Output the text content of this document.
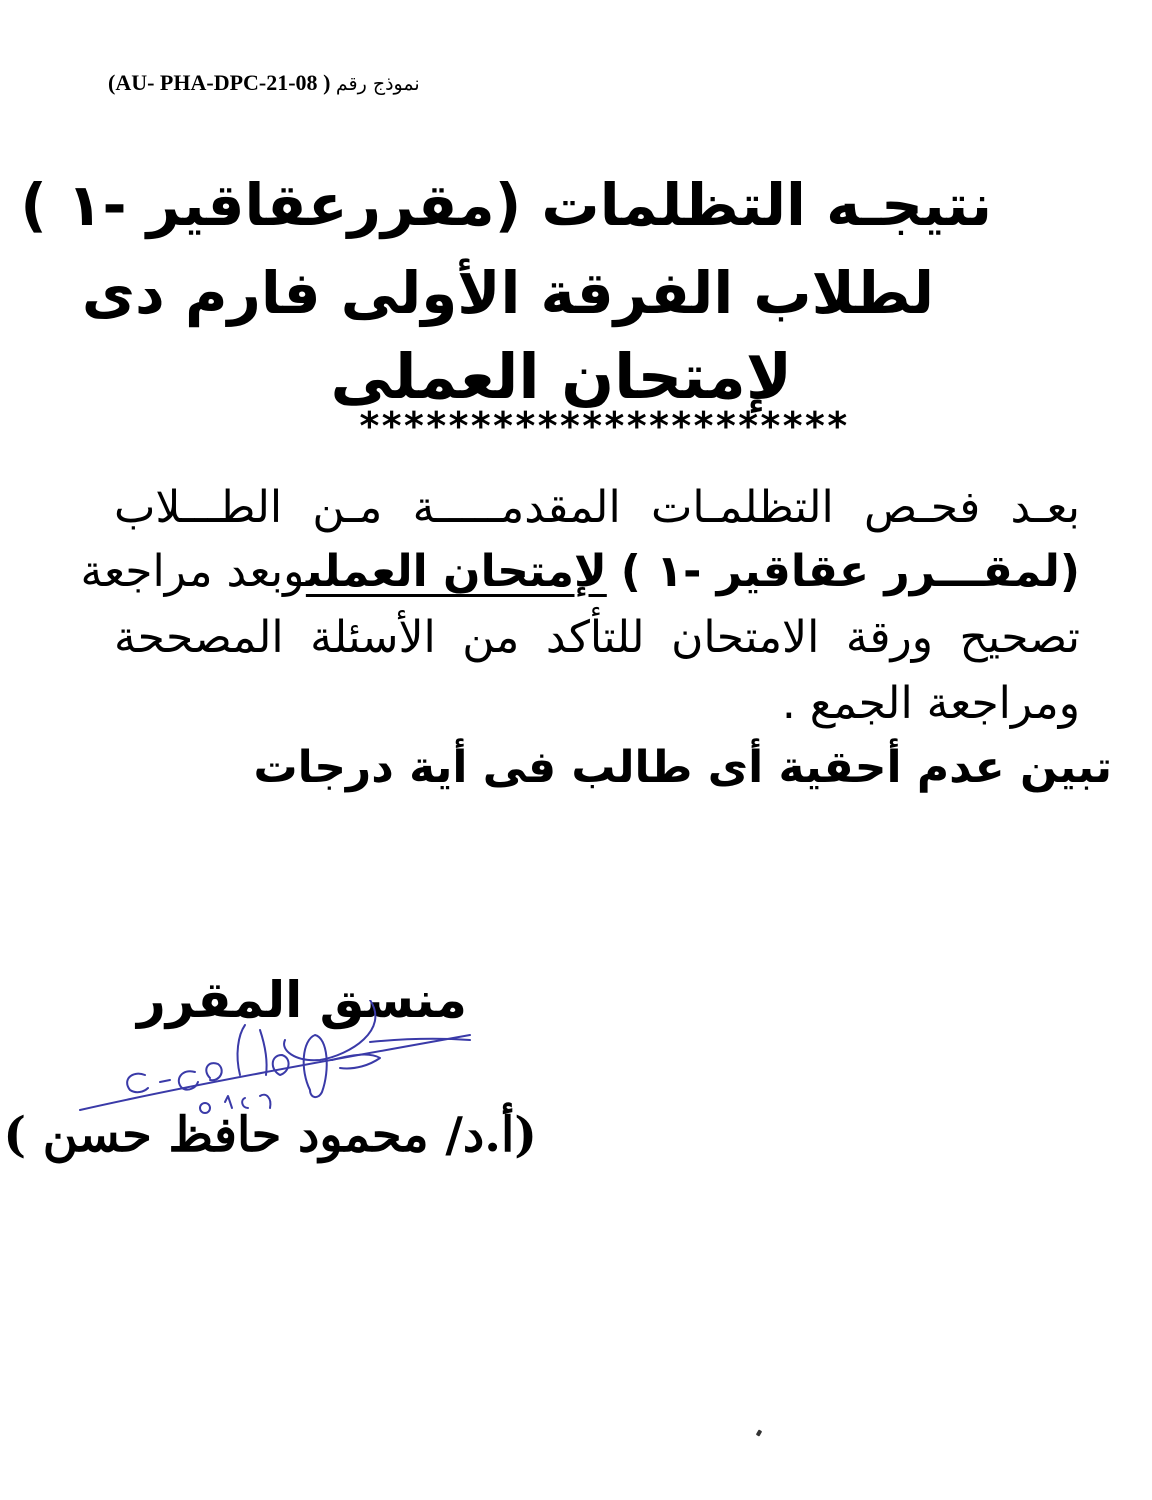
نموذج رقم ( AU- PHA-DPC-21-08)
نتيجـه التظلمات (مقررعقاقير -١ )
لطلاب الفرقة الأولى فارم دى
لإمتحان العملى
**********************
بعـد فحـص التظلمـات المقدمـــــة مـن الطـــلاب
(لمقـــرر عقاقير -١ ) لإمتحان العملىوبعد مراجعة
تصحيح ورقة الامتحان للتأكد من الأسئلة المصححة
ومراجعة الجمع .
تبين عدم أحقية أى طالب فى أية درجات
منسق المقرر
(أ.د/ محمود حافظ حسن )
